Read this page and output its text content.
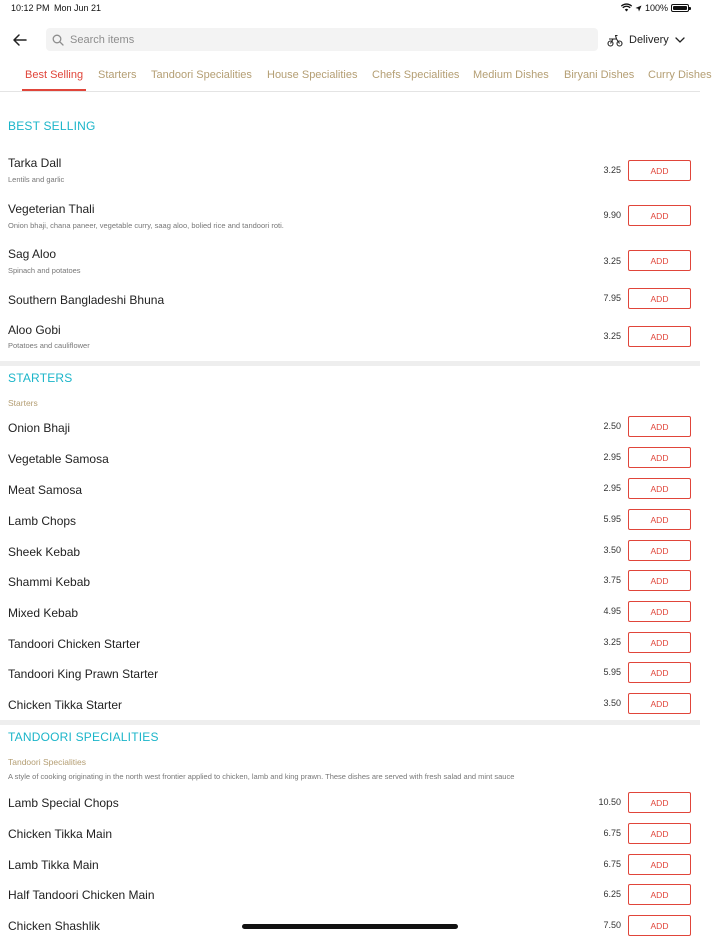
10:12 PM Mon Jun 21	100%
Search items
Delivery
Best Selling Starters Tandoori Specialities House Specialities Chefs Specialities Medium Dishes Biryani Dishes Curry Dishes
BEST SELLING
Tarka Dall
Lentils and garlic
3.25	ADD
Vegeterian Thali
Onion bhaji, chana paneer, vegetable curry, saag aloo, bolied rice and tandoori roti.
9.90	ADD
Sag Aloo
Spinach and potatoes
3.25	ADD
Southern Bangladeshi Bhuna	7.95	ADD
Aloo Gobi
Potatoes and cauliflower
3.25	ADD
STARTERS
Starters
Onion Bhaji	2.50	ADD
Vegetable Samosa	2.95	ADD
Meat Samosa	2.95	ADD
Lamb Chops	5.95	ADD
Sheek Kebab	3.50	ADD
Shammi Kebab	3.75	ADD
Mixed Kebab	4.95	ADD
Tandoori Chicken Starter	3.25	ADD
Tandoori King Prawn Starter	5.95	ADD
Chicken Tikka Starter	3.50	ADD
TANDOORI SPECIALITIES
Tandoori Specialities
A style of cooking originating in the north west frontier applied to chicken, lamb and king prawn. These dishes are served with fresh salad and mint sauce
Lamb Special Chops	10.50	ADD
Chicken Tikka Main	6.75	ADD
Lamb Tikka Main	6.75	ADD
Half Tandoori Chicken Main	6.25	ADD
Chicken Shashlik	7.50	ADD
